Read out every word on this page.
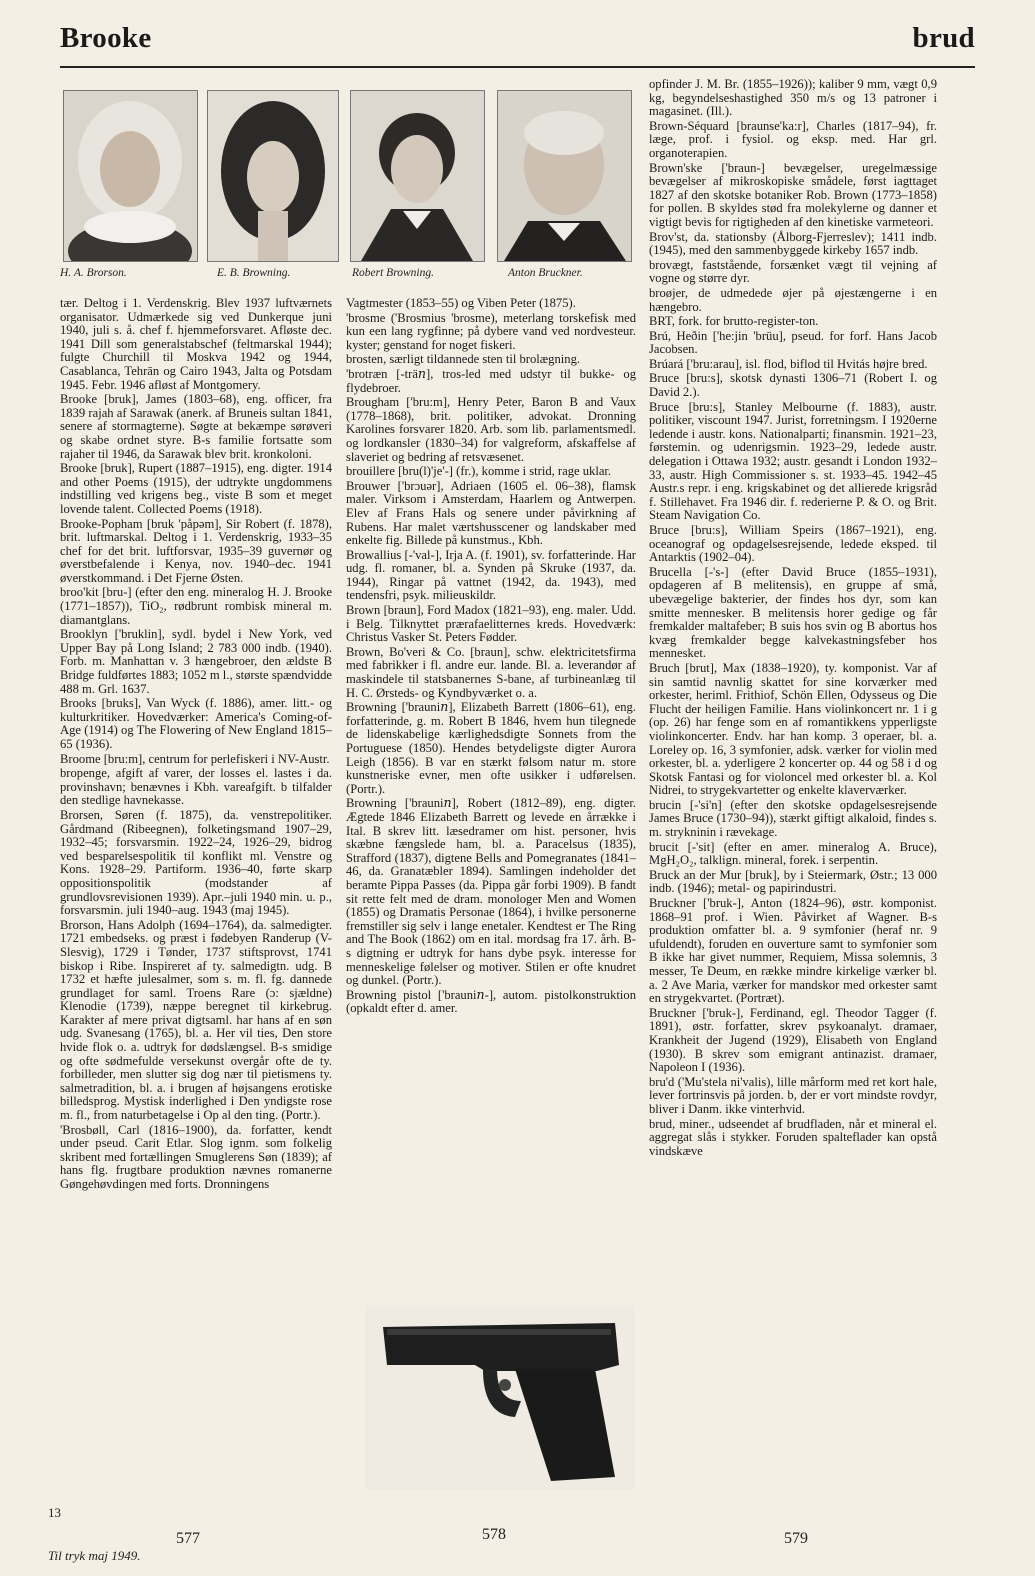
Brooke	brud
H. A. Brorson.	E. B. Browning.	Robert Browning.	Anton Bruckner.

tær. Deltog i 1. Verdenskrig. Blev 1937 luftværnets organisator. Udmærkede sig ved Dunkerque juni 1940, juli s. å. chef f. hjemmeforsvaret. Afløste dec. 1941 Dill som generalstabschef (feltmarskal 1944); fulgte Churchill til Moskva 1942 og 1944, Casablanca, Tehrān og Cairo 1943, Jalta og Potsdam 1945. Febr. 1946 afløst af Montgomery.

Brooke [bruk], James (1803–68), eng. officer, fra 1839 rajah af Sarawak (anerk. af Bruneis sultan 1841, senere af stormagterne). Søgte at bekæmpe sørøveri og skabe ordnet styre. B-s familie fortsatte som rajaher til 1946, da Sarawak blev brit. kronkoloni.

Brooke [bruk], Rupert (1887–1915), eng. digter. 1914 and other Poems (1915), der udtrykte ungdommens indstilling ved krigens beg., viste B som et meget lovende talent. Collected Poems (1918).

Brooke-Popham [bruk 'påpəm], Sir Robert (f. 1878), brit. luftmarskal. Deltog i 1. Verdenskrig, 1933–35 chef for det brit. luftforsvar, 1935–39 guvernør og øverstbefalende i Kenya, nov. 1940–dec. 1941 øverstkommand. i Det Fjerne Østen.

broo'kit [bru-] (efter den eng. mineralog H. J. Brooke (1771–1857)), TiO₂, rødbrunt rombisk mineral m. diamantglans.

Brooklyn ['bruklin], sydl. bydel i New York, ved Upper Bay på Long Island; 2 783 000 indb. (1940). Forb. m. Manhattan v. 3 hængebroer, den ældste B Bridge fuldførtes 1883; 1052 m l., største spændvidde 488 m. Grl. 1637.

Brooks [bruks], Van Wyck (f. 1886), amer. litt.- og kulturkritiker. Hovedværker: America's Coming-of-Age (1914) og The Flowering of New England 1815–65 (1936).

Broome [bru:m], centrum for perlefiskeri i NV-Austr.

bropenge, afgift af varer, der losses el. lastes i da. provinshavn; benævnes i Kbh. vareafgift. b tilfalder den stedlige havnekasse.

Brorsen, Søren (f. 1875), da. venstrepolitiker. Gårdmand (Ribeegnen), folketingsmand 1907–29, 1932–45; forsvarsmin. 1922–24, 1926–29, bidrog ved besparelsespolitik til konflikt ml. Venstre og Kons. 1928–29. Partiform. 1936–40, førte skarp oppositionspolitik (modstander af grundlovsrevisionen 1939). Apr.–juli 1940 min. u. p., forsvarsmin. juli 1940–aug. 1943 (maj 1945).

Brorson, Hans Adolph (1694–1764), da. salmedigter. 1721 embedseks. og præst i fødebyen Randerup (V-Slesvig), 1729 i Tønder, 1737 stiftsprovst, 1741 biskop i Ribe. Inspireret af ty. salmedigtn. udg. B 1732 et hæfte julesalmer, som s. m. fl. fg. dannede grundlaget for saml. Troens Rare (ɔ: sjældne) Klenodie (1739), næppe beregnet til kirkebrug. Karakter af mere privat digtsaml. har hans af en søn udg. Svanesang (1765), bl. a. Her vil ties, Den store hvide flok o. a. udtryk for dødslængsel. B-s smidige og ofte sødmefulde versekunst overgår ofte de ty. forbilleder, men slutter sig dog nær til pietismens ty. salmetradition, bl. a. i brugen af højsangens erotiske billedsprog. Mystisk inderlighed i Den yndigste rose m. fl., from naturbetagelse i Op al den ting. (Portr.).

'Brosbøll, Carl (1816–1900), da. forfatter, kendt under pseud. Carit Etlar. Slog ignm. som folkelig skribent med fortællingen Smuglerens Søn (1839); af hans flg. frugtbare produktion nævnes romanerne Gøngehøvdingen med forts. Dronningens

Vagtmester (1853–55) og Viben Peter (1875).

'brosme ('Brosmius 'brosme), meterlang torskefisk med kun een lang rygfinne; på dybere vand ved nordvesteur. kyster; genstand for noget fiskeri.

brosten, særligt tildannede sten til brolægning.

'brotræn [-trä𝑛], tros-led med udstyr til bukke- og flydebroer.

Brougham ['bru:m], Henry Peter, Baron B and Vaux (1778–1868), brit. politiker, advokat. Dronning Karolines forsvarer 1820. Arb. som lib. parlamentsmedl. og lordkansler (1830–34) for valgreform, afskaffelse af slaveriet og bedring af retsvæsenet.

brouillere [bru(l)'je'-] (fr.), komme i strid, rage uklar.

Brouwer ['brɔuər], Adriaen (1605 el. 06–38), flamsk maler. Virksom i Amsterdam, Haarlem og Antwerpen. Elev af Frans Hals og senere under påvirkning af Rubens. Har malet værtshusscener og landskaber med enkelte fig. Billede på kunstmus., Kbh.

Browallius [-'val-], Irja A. (f. 1901), sv. forfatterinde. Har udg. fl. romaner, bl. a. Synden på Skruke (1937, da. 1944), Ringar på vattnet (1942, da. 1943), med tendensfri, psyk. milieuskildr.

Brown [braun], Ford Madox (1821–93), eng. maler. Udd. i Belg. Tilknyttet prærafaelitternes kreds. Hovedværk: Christus Vasker St. Peters Fødder.

Brown, Bo'veri & Co. [braun], schw. elektricitetsfirma med fabrikker i fl. andre eur. lande. Bl. a. leverandør af maskindele til statsbanernes S-bane, af turbineanlæg til H. C. Ørsteds- og Kyndbyværket o. a.

Browning ['brauni𝑛], Elizabeth Barrett (1806–61), eng. forfatterinde, g. m. Robert B 1846, hvem hun tilegnede de lidenskabelige kærlighedsdigte Sonnets from the Portuguese (1850). Hendes betydeligste digter Aurora Leigh (1856). B var en stærkt følsom natur m. store kunstneriske evner, men ofte usikker i udførelsen. (Portr.).

Browning ['brauni𝑛], Robert (1812–89), eng. digter. Ægtede 1846 Elizabeth Barrett og levede en årrække i Ital. B skrev litt. læsedramer om hist. personer, hvis skæbne fængslede ham, bl. a. Paracelsus (1835), Strafford (1837), digtene Bells and Pomegranates (1841–46, da. Granatæbler 1894). Samlingen indeholder det beramte Pippa Passes (da. Pippa går forbi 1909). B fandt sit rette felt med de dram. monologer Men and Women (1855) og Dramatis Personae (1864), i hvilke personerne fremstiller sig selv i lange enetaler. Kendtest er The Ring and The Book (1862) om en ital. mordsag fra 17. årh. B-s digtning er udtryk for hans dybe psyk. interesse for menneskelige følelser og motiver. Stilen er ofte knudret og dunkel. (Portr.).

Browning pistol ['brauni𝑛-], autom. pistolkonstruktion (opkaldt efter d. amer.

opfinder J. M. Br. (1855–1926)); kaliber 9 mm, vægt 0,9 kg, begyndelseshastighed 350 m/s og 13 patroner i magasinet. (Ill.).

Brown-Séquard [braunse'ka:r], Charles (1817–94), fr. læge, prof. i fysiol. og eksp. med. Har grl. organoterapien.

Brown'ske ['braun-] bevægelser, uregelmæssige bevægelser af mikroskopiske smådele, først iagttaget 1827 af den skotske botaniker Rob. Brown (1773–1858) for pollen. B skyldes stød fra molekylerne og danner et vigtigt bevis for rigtigheden af den kinetiske varmeteori.

Brov'st, da. stationsby (Ålborg-Fjerreslev); 1411 indb. (1945), med den sammenbyggede kirkeby 1657 indb.

brovægt, faststående, forsænket vægt til vejning af vogne og større dyr.

broøjer, de udmededе øjer på øjestængerne i en hængebro.

BRT, fork. for brutto-register-ton.

Brú, Heðin ['he:jin 'brüu], pseud. for forf. Hans Jacob Jacobsen.

Brúará ['bru:arau], isl. flod, biflod til Hvitás højre bred.

Bruce [bru:s], skotsk dynasti 1306–71 (Robert I. og David 2.).

Bruce [bru:s], Stanley Melbourne (f. 1883), austr. politiker, viscount 1947. Jurist, forretningsm. I 1920erne ledende i austr. kons. Nationalparti; finansmin. 1921–23, førstemin. og udenrigsmin. 1923–29, ledede austr. delegation i Ottawa 1932; austr. gesandt i London 1932–33, austr. High Commissioner s. st. 1933–45. 1942–45 Austr.s repr. i eng. krigskabinet og det allierede krigsråd f. Stillehavet. Fra 1946 dir. f. rederierne P. & O. og Brit. Steam Navigation Co.

Bruce [bru:s], William Speirs (1867–1921), eng. oceanograf og opdagelsesrejsende, ledede eksped. til Antarktis (1902–04).

Brucella [-'s-] (efter David Bruce (1855–1931), opdageren af B melitensis), en gruppe af små, ubevægelige bakterier, der findes hos dyr, som kan smitte mennesker. B melitensis horer gedige og får fremkalder maltafeber; B suis hos svin og B abortus hos kvæg fremkalder begge kalvekastningsfeber hos mennesket.

Bruch [brut], Max (1838–1920), ty. komponist. Var af sin samtid navnlig skattet for sine korværker med orkester, heriml. Frithiof, Schön Ellen, Odysseus og Die Flucht der heiligen Familie. Hans violinkoncert nr. 1 i g (op. 26) har fenge som en af romantikkens ypperligste violinkoncerter. Endv. har han komp. 3 operaer, bl. a. Loreley op. 16, 3 symfonier, adsk. værker for violin med orkester, bl. a. yderligere 2 koncerter op. 44 og 58 i d og Skotsk Fantasi og for violoncel med orkester bl. a. Kol Nidrei, to strygekvartetter og enkelte klaverværker.

brucin [-'si'n] (efter den skotske opdagelsesrejsende James Bruce (1730–94)), stærkt giftigt alkaloid, findes s. m. strykninin i rævekage.

brucit [-'sit] (efter en amer. mineralog A. Bruce), MgH₂O₂, talklign. mineral, forek. i serpentin.

Bruck an der Mur [bruk], by i Steiermark, Østr.; 13 000 indb. (1946); metal- og papirindustri.

Bruckner ['bruk-], Anton (1824–96), østr. komponist. 1868–91 prof. i Wien. Påvirket af Wagner. B-s produktion omfatter bl. a. 9 symfonier (heraf nr. 9 ufuldendt), foruden en ouverture samt to symfonier som B ikke har givet nummer, Requiem, Missa solemnis, 3 messer, Te Deum, en række mindre kirkelige værker bl. a. 2 Ave Maria, værker for mandskor med orkester samt en strygekvartet. (Portræt).

Bruckner ['bruk-], Ferdinand, egl. Theodor Tagger (f. 1891), østr. forfatter, skrev psykoanalyt. dramaer, Krankheit der Jugend (1929), Elisabeth von England (1930). B skrev som emigrant antinazist. dramaer, Napoleon I (1936).

bru'd ('Mu'stela ni'valis), lille mårform med ret kort hale, lever fortrinsvis på jorden. b, der er vort mindste rovdyr, bliver i Danm. ikke vinterhvid.

brud, miner., udseendet af brudfladen, når et mineral el. aggregat slås i stykker. Foruden spalteflader kan opstå vindskæve

13
577	578	579
Til tryk maj 1949.
